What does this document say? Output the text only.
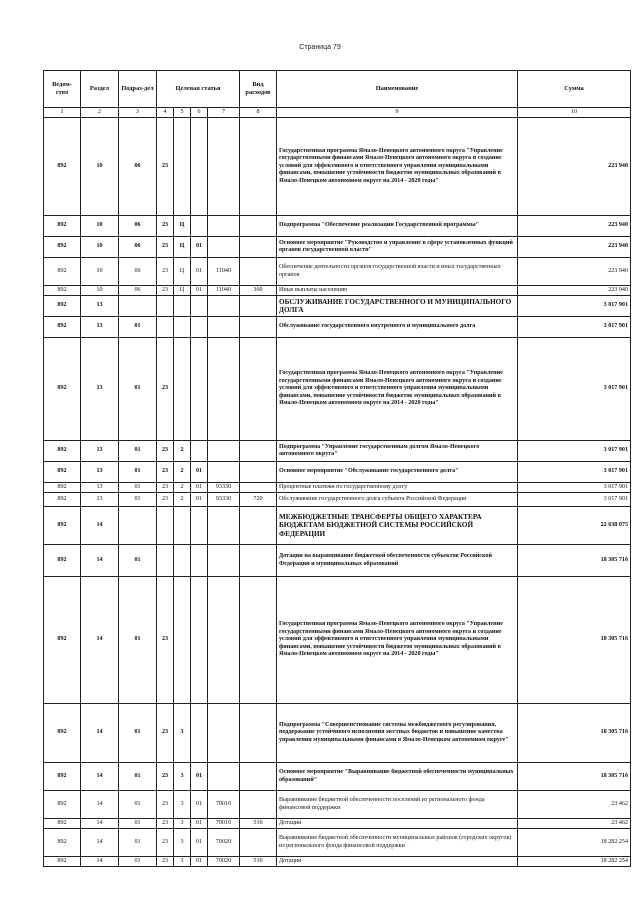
Страница 79
Ведом-ство	Раздел	Подраз-дел	Целевая статья				Вид расходов	Наименование	Сумма
1	2	3	4	5	6	7	8	9	10
892	10	06	23					Государственная программа Ямало-Ненецкого автономного округа "Управление государственными финансами Ямало-Ненецкого автономного округа и создание условий для эффективного и ответственного управления муниципальными финансами, повышение устойчивости бюджетов муниципальных образований в Ямало-Ненецком автономном округе на 2014 - 2020 годы"	223 940
892	10	06	23	Ц				Подпрограмма "Обеспечение реализации Государственной программы"	223 940
892	10	06	23	Ц	01			Основное мероприятие "Руководство и управление в сфере установленных функций органов государственной власти"	223 940
892	10	06	23	Ц	01	11040		Обеспечение деятельности органов государственной власти и иных государственных органов	223 940
892	10	06	23	Ц	01	11040	360	Иные выплаты населению	223 940
892	13							ОБСЛУЖИВАНИЕ ГОСУДАРСТВЕННОГО И МУНИЦИПАЛЬНОГО ДОЛГА	3 017 901
892	13	01						Обслуживание государственного внутреннего и муниципального долга	3 017 901
892	13	01	23					Государственная программа Ямало-Ненецкого автономного округа "Управление государственными финансами Ямало-Ненецкого автономного округа и создание условий для эффективного и ответственного управления муниципальными финансами, повышение устойчивости бюджетов муниципальных образований в Ямало-Ненецком автономном округе на 2014 - 2020 годы"	3 017 901
892	13	01	23	2				Подпрограмма "Управление государственным долгом Ямало-Ненецкого автономного округа"	3 017 901
892	13	01	23	2	01			Основное мероприятие "Обслуживание государственного долга"	3 017 901
892	13	01	23	2	01	93330		Процентные платежи по государственному долгу	3 017 901
892	13	01	23	2	01	93330	720	Обслуживание государственного долга субъекта Российской Федерации	3 017 901
892	14							МЕЖБЮДЖЕТНЫЕ ТРАНСФЕРТЫ ОБЩЕГО ХАРАКТЕРА БЮДЖЕТАМ БЮДЖЕТНОЙ СИСТЕМЫ РОССИЙСКОЙ ФЕДЕРАЦИИ	22 638 075
892	14	01						Дотации на выравнивание бюджетной обеспеченности субъектов Российской Федерации и муниципальных образований	18 305 716
892	14	01	23					Государственная программа Ямало-Ненецкого автономного округа "Управление государственными финансами Ямало-Ненецкого автономного округа и создание условий для эффективного и ответственного управления муниципальными финансами, повышение устойчивости бюджетов муниципальных образований в Ямало-Ненецком автономном округе на 2014 - 2020 годы"	18 305 716
892	14	01	23	3				Подпрограмма "Совершенствование системы межбюджетного регулирования, поддержание устойчивого исполнения местных бюджетов и повышение качества управления муниципальными финансами в Ямало-Ненецком автономном округе"	18 305 716
892	14	01	23	3	01			Основное мероприятие "Выравнивание бюджетной обеспеченности муниципальных образований"	18 305 716
892	14	01	23	3	01	70010		Выравнивание бюджетной обеспеченности поселений из регионального фонда финансовой поддержки	23 462
892	14	01	23	3	01	70010	510	Дотации	23 462
892	14	01	23	3	01	70020		Выравнивание бюджетной обеспеченности муниципальных районов (городских округов) из регионального фонда финансовой поддержки	18 282 254
892	14	01	23	3	01	70020	510	Дотации	18 282 254
